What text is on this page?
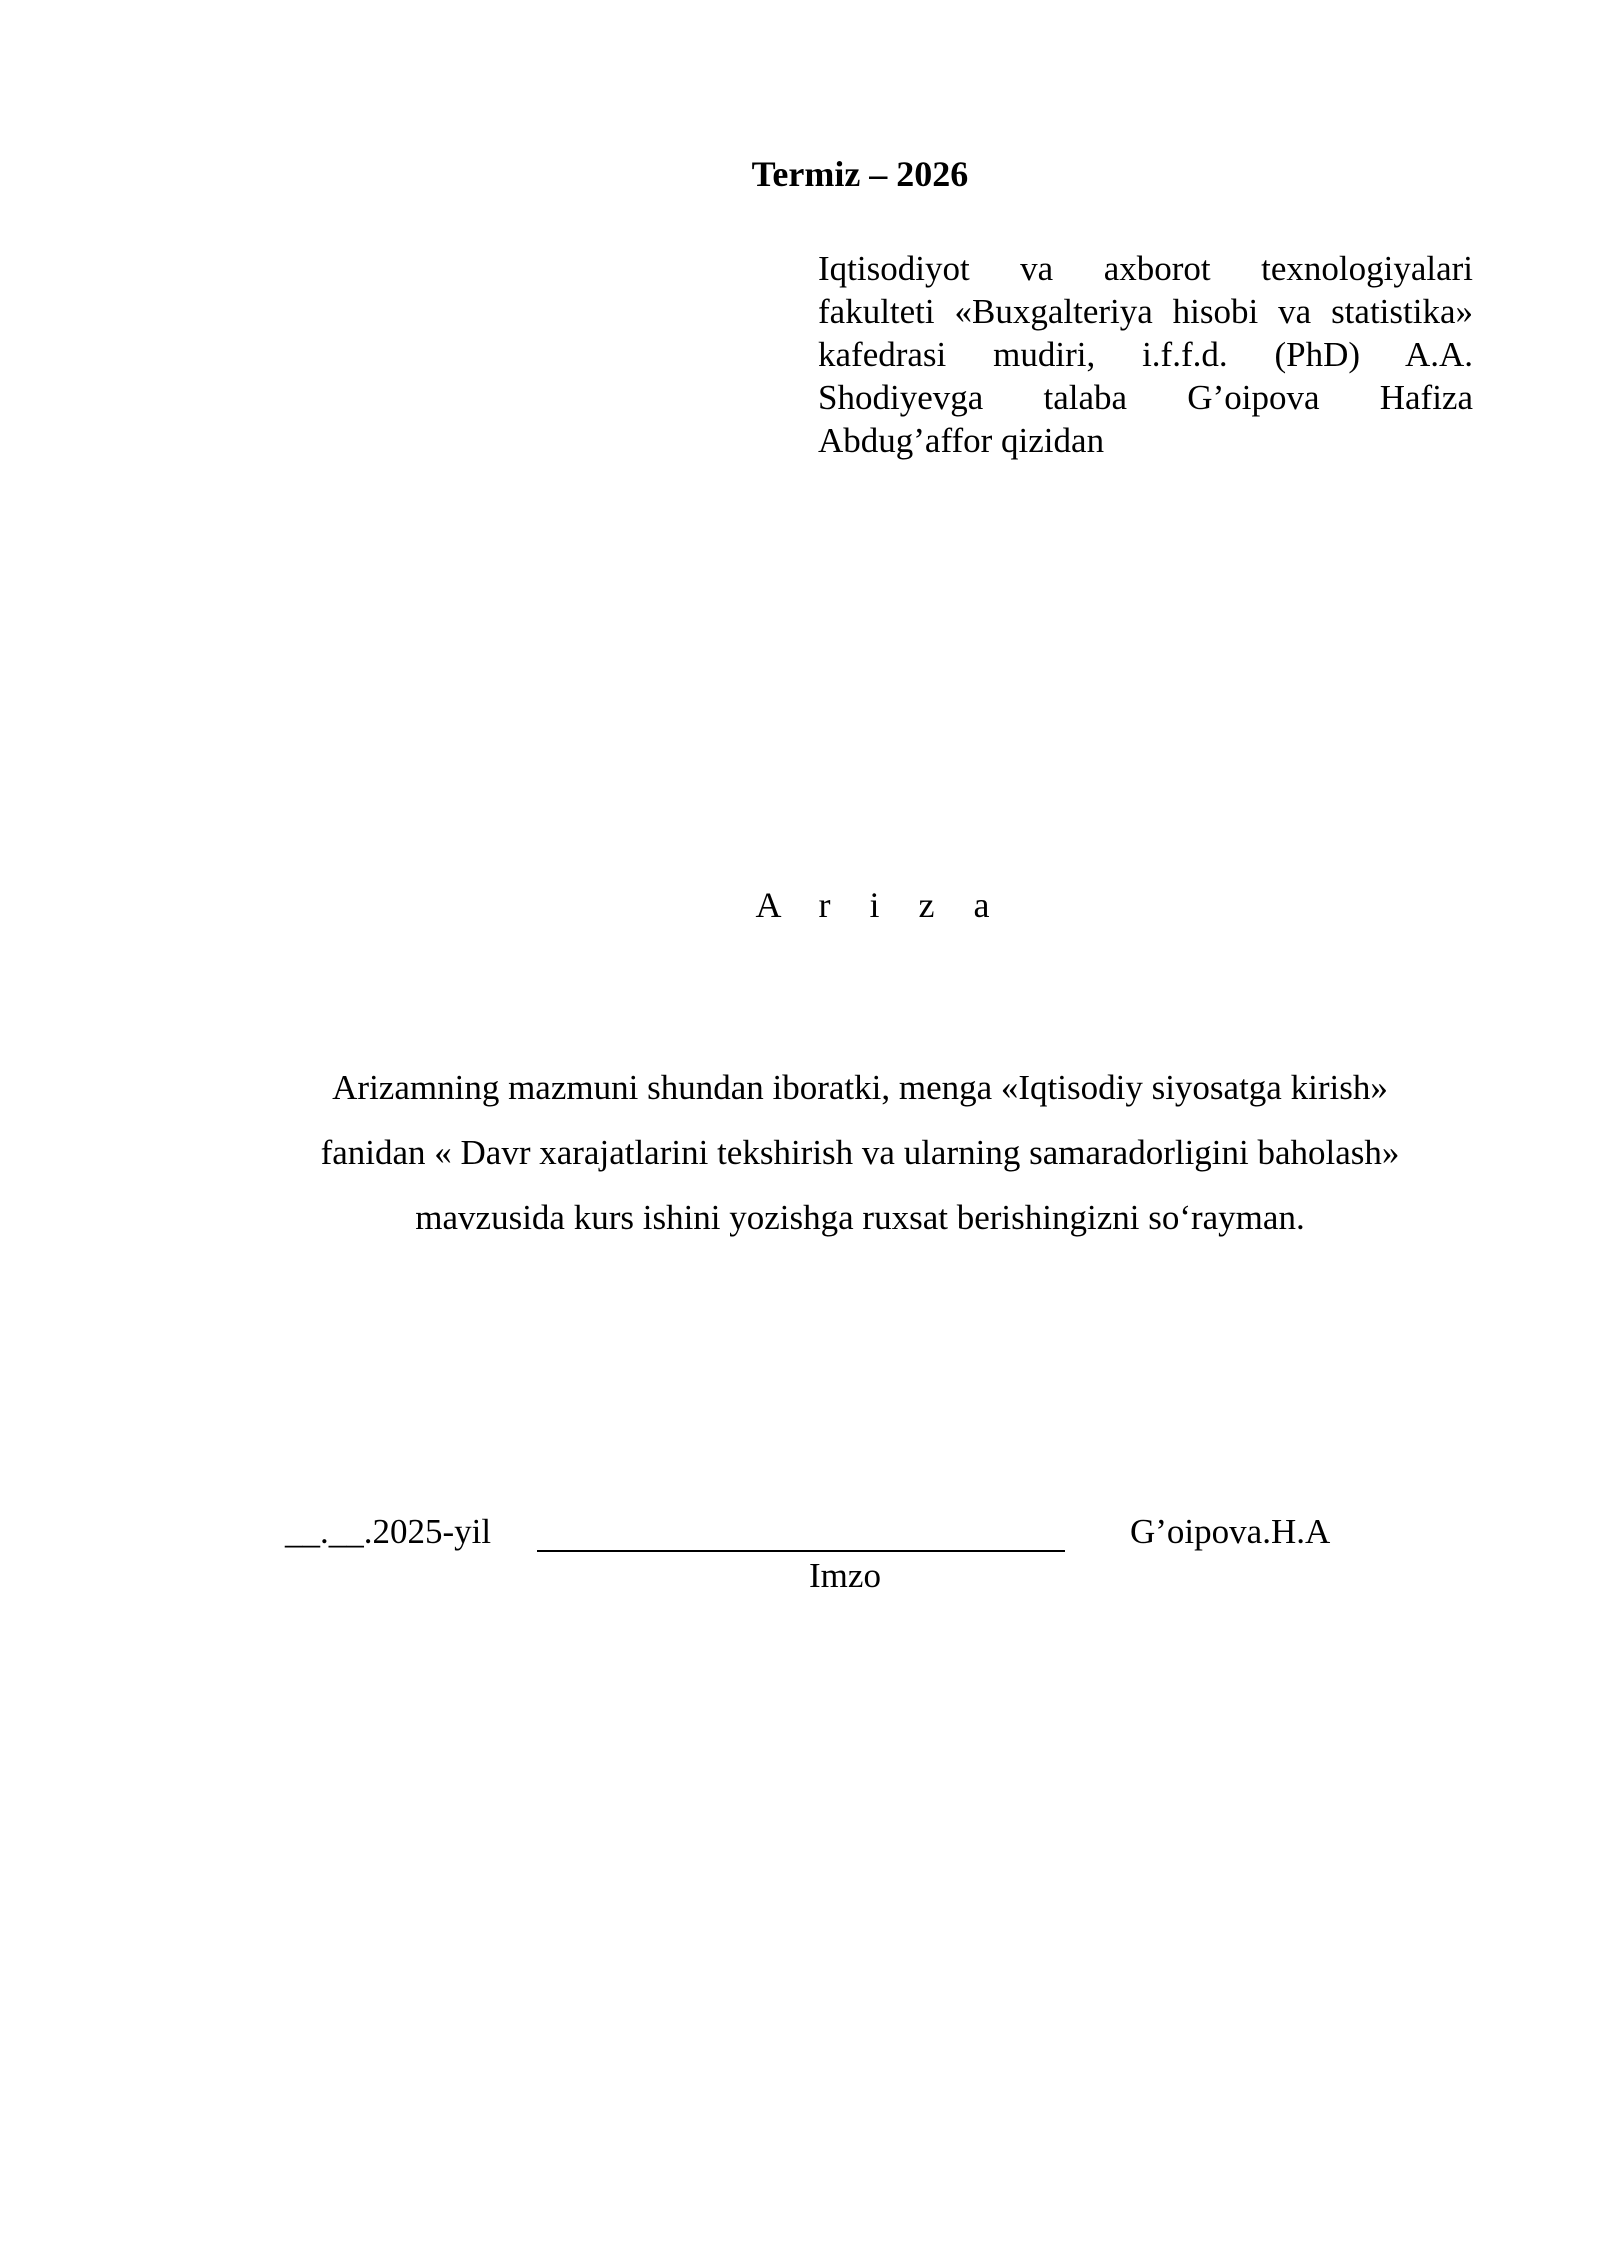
Termiz – 2026
Iqtisodiyot va axborot texnologiyalari fakulteti «Buxgalteriya hisobi va statistika» kafedrasi mudiri, i.f.f.d. (PhD) A.A. Shodiyevga talaba G’oipova Hafiza Abdug’affor qizidan
A r i z a
Arizamning mazmuni shundan iboratki, menga «Iqtisodiy siyosatga kirish»
fanidan « Davr xarajatlarini tekshirish va ularning samaradorligini baholash»
mavzusida kurs ishini yozishga ruxsat berishingizni so‘rayman.
__.__.2025-yil
Imzo
G’oipova.H.A
